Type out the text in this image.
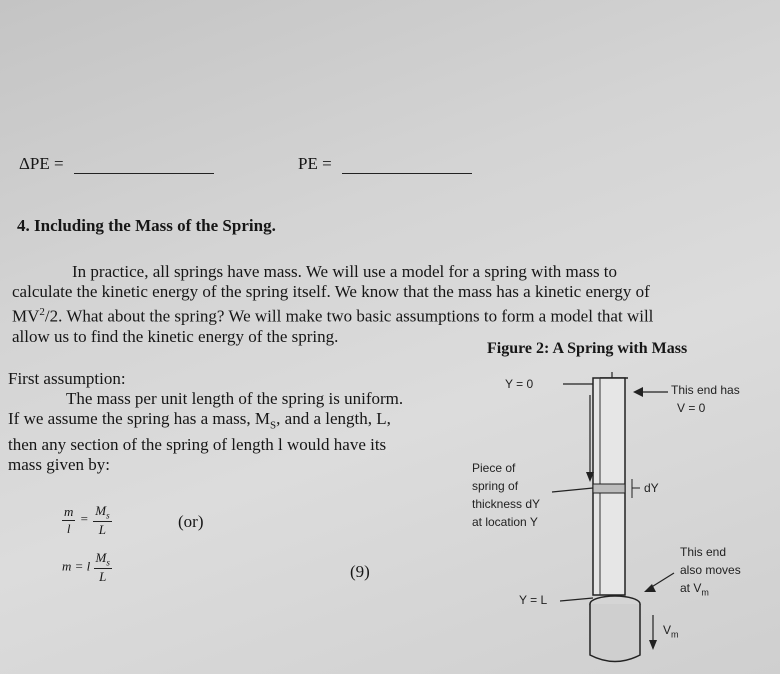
ΔPE =	PE =
4. Including the Mass of the Spring.
In practice, all springs have mass. We will use a model for a spring with mass to
calculate the kinetic energy of the spring itself. We know that the mass has a kinetic energy of
$MV^2/2$. What about the spring? We will make two basic assumptions to form a model that will
allow us to find the kinetic energy of the spring.
Figure 2: A Spring with Mass
First assumption:
The mass per unit length of the spring is uniform.
If we assume the spring has a mass, $M_S$, and a length, L,
then any section of the spring of length l would have its
mass given by:
$\frac{m}{l} = \frac{M_s}{L}$	(or)
m = l $\frac{M_s}{L}$	(9)
Y = 0	This end has
V = 0
Piece of
spring of
thickness dY
at location Y
dY
This end
also moves
at $V_m$
Y = L
$V_m$
